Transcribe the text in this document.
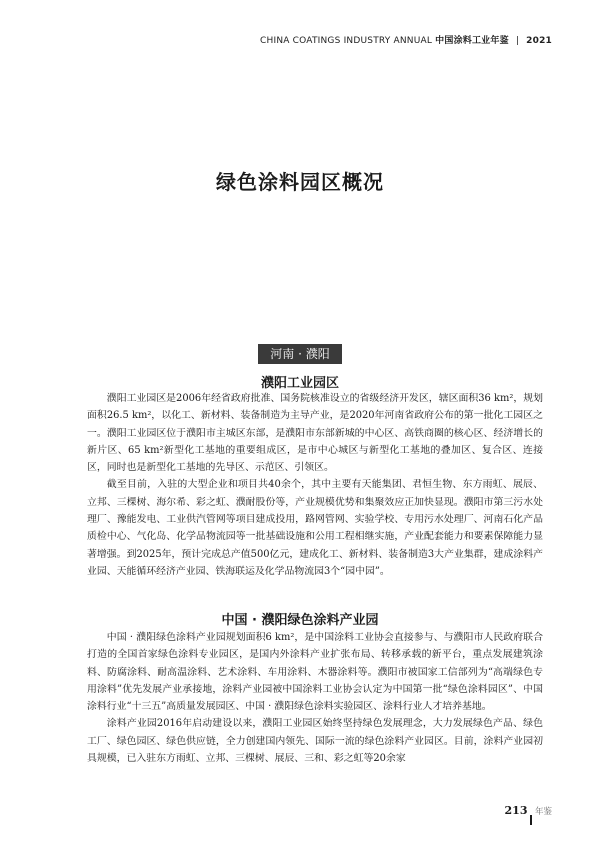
CHINA COATINGS INDUSTRY ANNUAL 中国涂料工业年鉴 | 2021
绿色涂料园区概况
河南 · 濮阳
濮阳工业园区

濮阳工业园区是2006年经省政府批准、国务院核准设立的省级经济开发区，辖区面积36 km²，规划面积26.5 km²，以化工、新材料、装备制造为主导产业，是2020年河南省政府公布的第一批化工园区之一。濮阳工业园区位于濮阳市主城区东部，是濮阳市东部新城的中心区、高铁商圈的核心区、经济增长的新片区、65 km²新型化工基地的重要组成区，是市中心城区与新型化工基地的叠加区、复合区、连接区，同时也是新型化工基地的先导区、示范区、引领区。

截至目前，入驻的大型企业和项目共40余个，其中主要有天能集团、君恒生物、东方雨虹、展辰、立邦、三棵树、海尔希、彩之虹、濮耐股份等，产业规模优势和集聚效应正加快显现。濮阳市第三污水处理厂、豫能发电、工业供汽管网等项目建成投用，路网管网、实验学校、专用污水处理厂、河南石化产品质检中心、气化岛、化学品物流园等一批基础设施和公用工程相继实施，产业配套能力和要素保障能力显著增强。到2025年，预计完成总产值500亿元，建成化工、新材料、装备制造3大产业集群，建成涂料产业园、天能循环经济产业园、铁海联运及化学品物流园3个“园中园”。

中国 · 濮阳绿色涂料产业园

中国 · 濮阳绿色涂料产业园规划面积6 km²，是中国涂料工业协会直接参与、与濮阳市人民政府联合打造的全国首家绿色涂料专业园区，是国内外涂料产业扩张布局、转移承载的新平台，重点发展建筑涂料、防腐涂料、耐高温涂料、艺术涂料、车用涂料、木器涂料等。濮阳市被国家工信部列为“高端绿色专用涂料”优先发展产业承接地，涂料产业园被中国涂料工业协会认定为中国第一批“绿色涂料园区”、中国涂料行业“十三五”高质量发展园区、中国 · 濮阳绿色涂料实验园区、涂料行业人才培养基地。

涂料产业园2016年启动建设以来，濮阳工业园区始终坚持绿色发展理念，大力发展绿色产品、绿色工厂、绿色园区、绿色供应链，全力创建国内领先、国际一流的绿色涂料产业园区。目前，涂料产业园初具规模，已入驻东方雨虹、立邦、三棵树、展辰、三和、彩之虹等20余家

213 年鉴
